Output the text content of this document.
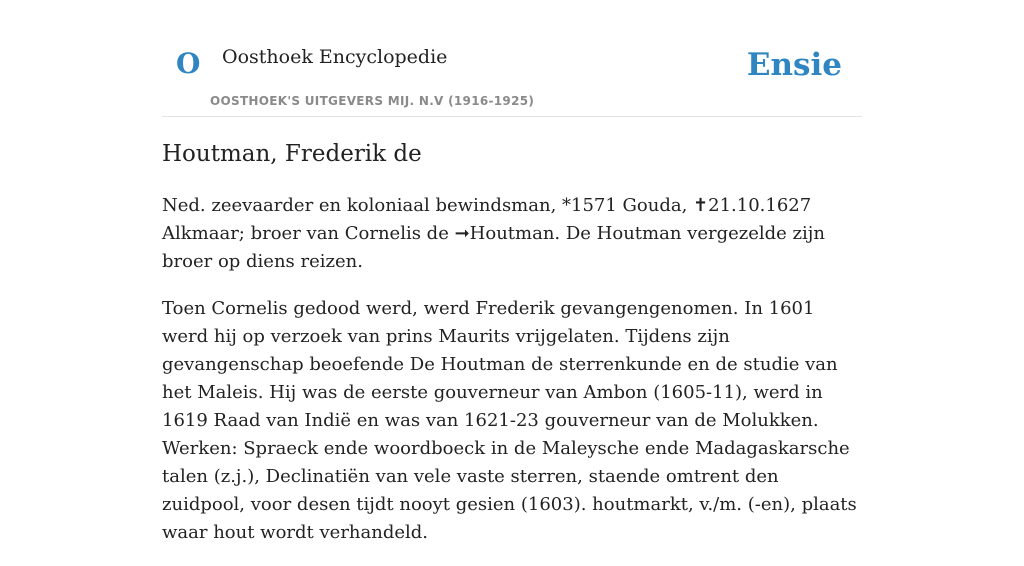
O Oosthoek Encyclopedie
OOSTHOEK'S UITGEVERS MIJ. N.V (1916-1925)
Ensie
Houtman, Frederik de

Ned. zeevaarder en koloniaal bewindsman, *1571 Gouda, ✝21.10.1627 Alkmaar; broer van Cornelis de ➞Houtman. De Houtman vergezelde zijn broer op diens reizen.

Toen Cornelis gedood werd, werd Frederik gevangengenomen. In 1601 werd hij op verzoek van prins Maurits vrijgelaten. Tijdens zijn gevangenschap beoefende De Houtman de sterrenkunde en de studie van het Maleis. Hij was de eerste gouverneur van Ambon (1605-11), werd in 1619 Raad van Indië en was van 1621-23 gouverneur van de Molukken. Werken: Spraeck ende woordboeck in de Maleysche ende Madagaskarsche talen (z.j.), Declinatiën van vele vaste sterren, staende omtrent den zuidpool, voor desen tijdt nooyt gesien (1603). houtmarkt, v./m. (-en), plaats waar hout wordt verhandeld.
